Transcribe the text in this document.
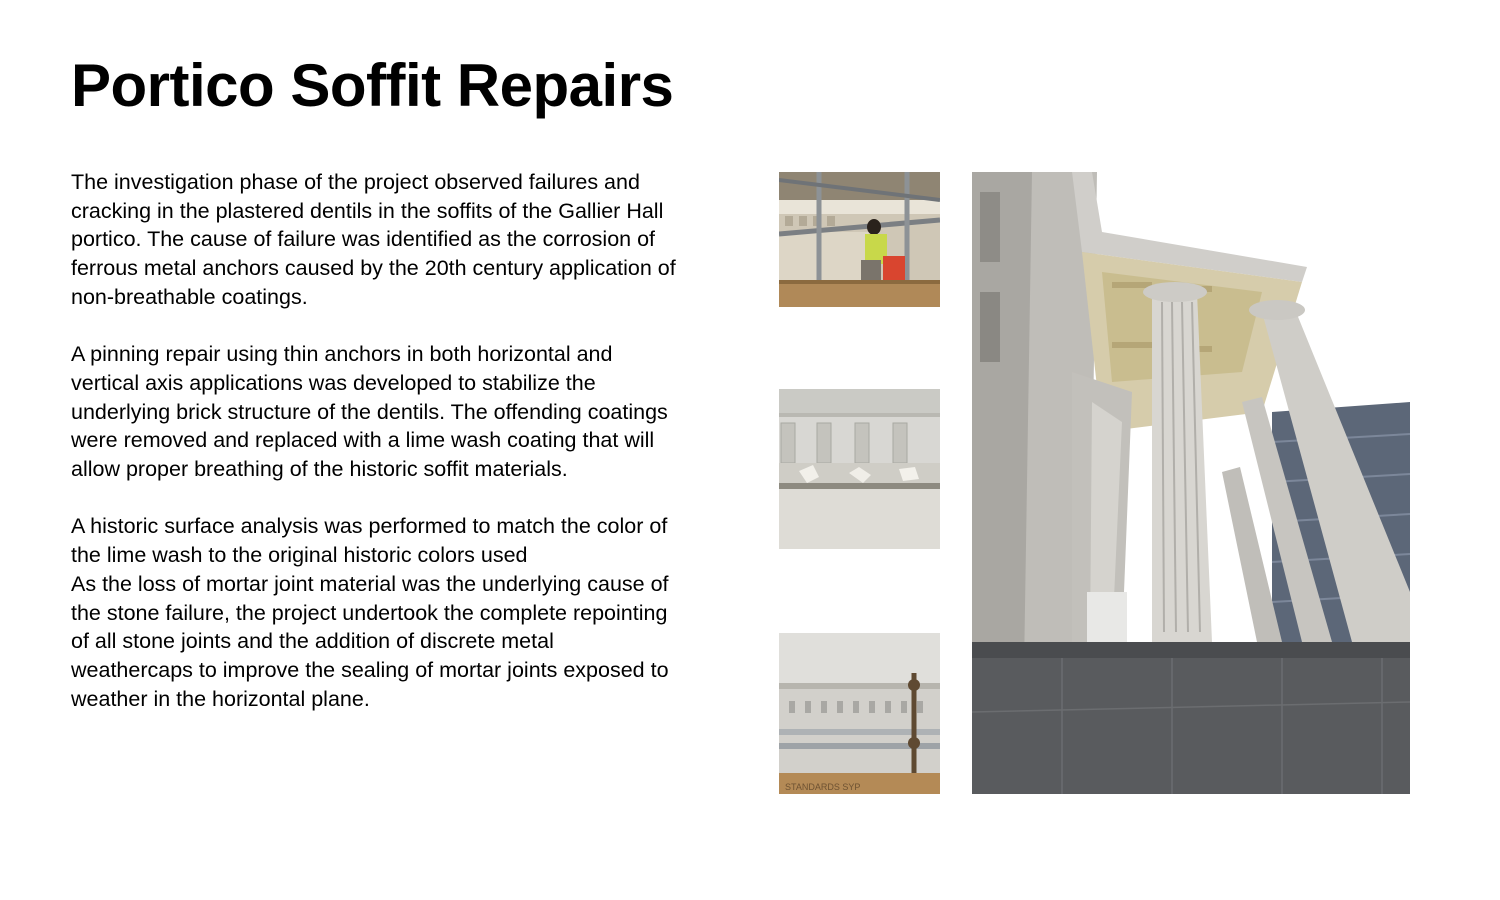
Portico Soffit Repairs

The investigation phase of the project observed failures and cracking in the plastered dentils in the soffits of the Gallier Hall portico. The cause of failure was identified as the corrosion of ferrous metal anchors caused by the 20th century application of non-breathable coatings.

A pinning repair using thin anchors in both horizontal and vertical axis applications was developed to stabilize the underlying brick structure of the dentils. The offending coatings were removed and replaced with a lime wash coating that will allow proper breathing of the historic soffit materials.

A historic surface analysis was performed to match the color of the lime wash to the original historic colors used

As the loss of mortar joint material was the underlying cause of the stone failure, the project undertook the complete repointing of all stone joints and the addition of discrete metal weathercaps to improve the sealing of mortar joints exposed to weather in the horizontal plane.

STANDARDS SYP
